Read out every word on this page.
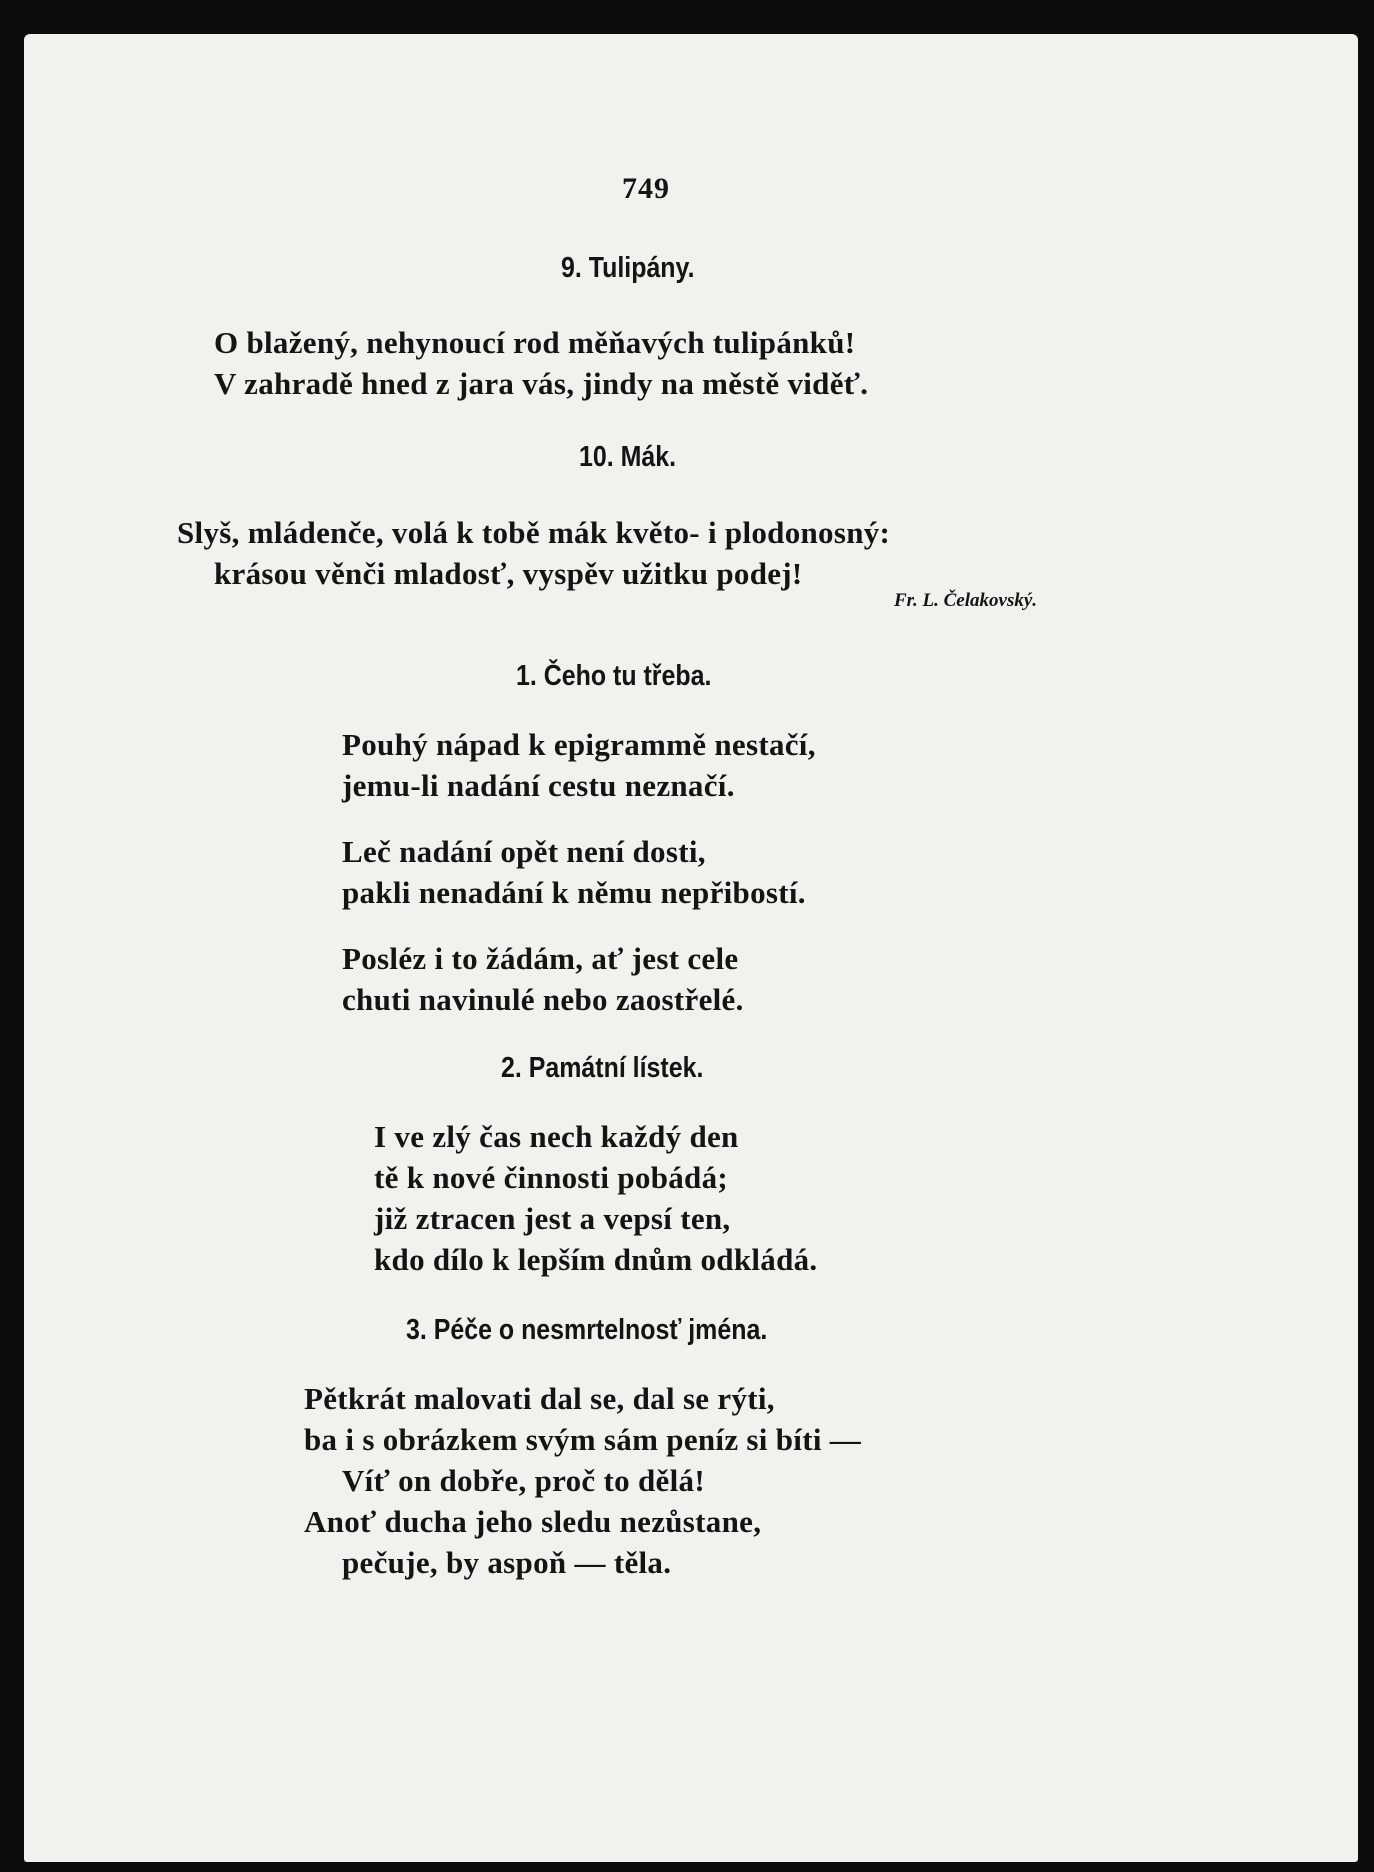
749
9. Tulipány.
O blažený, nehynoucí rod měňavých tulipánků!
V zahradě hned z jara vás, jindy na městě viděť.
10. Mák.
Slyš, mládenče, volá k tobě mák květo- i plodonosný:
krásou věnči mladosť, vyspěv užitku podej!
Fr. L. Čelakovský.
1. Čeho tu třeba.
Pouhý nápad k epigrammě nestačí,
jemu-li nadání cestu neznačí.
Leč nadání opět není dosti,
pakli nenadání k němu nepřibostí.
Posléz i to žádám, ať jest cele
chuti navinulé nebo zaostřelé.
2. Památní lístek.
I ve zlý čas nech každý den
tě k nové činnosti pobádá;
již ztracen jest a vepsí ten,
kdo dílo k lepším dnům odkládá.
3. Péče o nesmrtelnosť jména.
Pětkrát malovati dal se, dal se rýti,
ba i s obrázkem svým sám peníz si bíti —
Víť on dobře, proč to dělá!
Anoť ducha jeho sledu nezůstane,
pečuje, by aspoň — těla.
